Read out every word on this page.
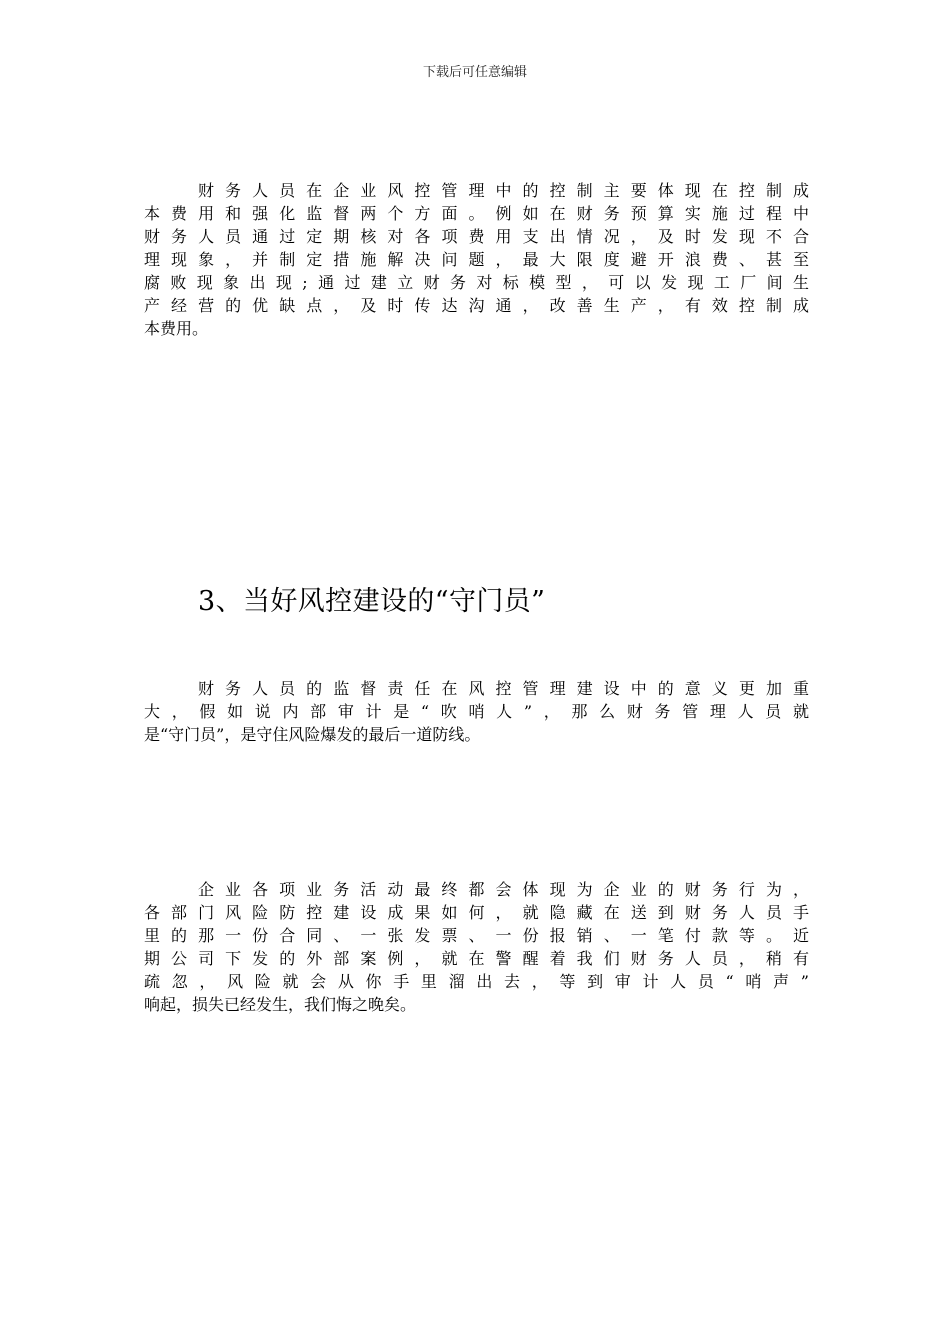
下载后可任意编辑
财务人员在企业风控管理中的控制主要体现在控制成
本费用和强化监督两个方面。例如在财务预算实施过程中
财务人员通过定期核对各项费用支出情况，及时发现不合
理现象，并制定措施解决问题，最大限度避开浪费、甚至
腐败现象出现;通过建立财务对标模型，可以发现工厂间生
产经营的优缺点，及时传达沟通，改善生产，有效控制成
本费用。
3、当好风控建设的“守门员”
财务人员的监督责任在风控管理建设中的意义更加重
大，假如说内部审计是“吹哨人”，那么财务管理人员就
是“守门员”，是守住风险爆发的最后一道防线。
企业各项业务活动最终都会体现为企业的财务行为，
各部门风险防控建设成果如何，就隐藏在送到财务人员手
里的那一份合同、一张发票、一份报销、一笔付款等。近
期公司下发的外部案例，就在警醒着我们财务人员，稍有
疏忽，风险就会从你手里溜出去，等到审计人员“哨声”
响起，损失已经发生，我们悔之晚矣。
